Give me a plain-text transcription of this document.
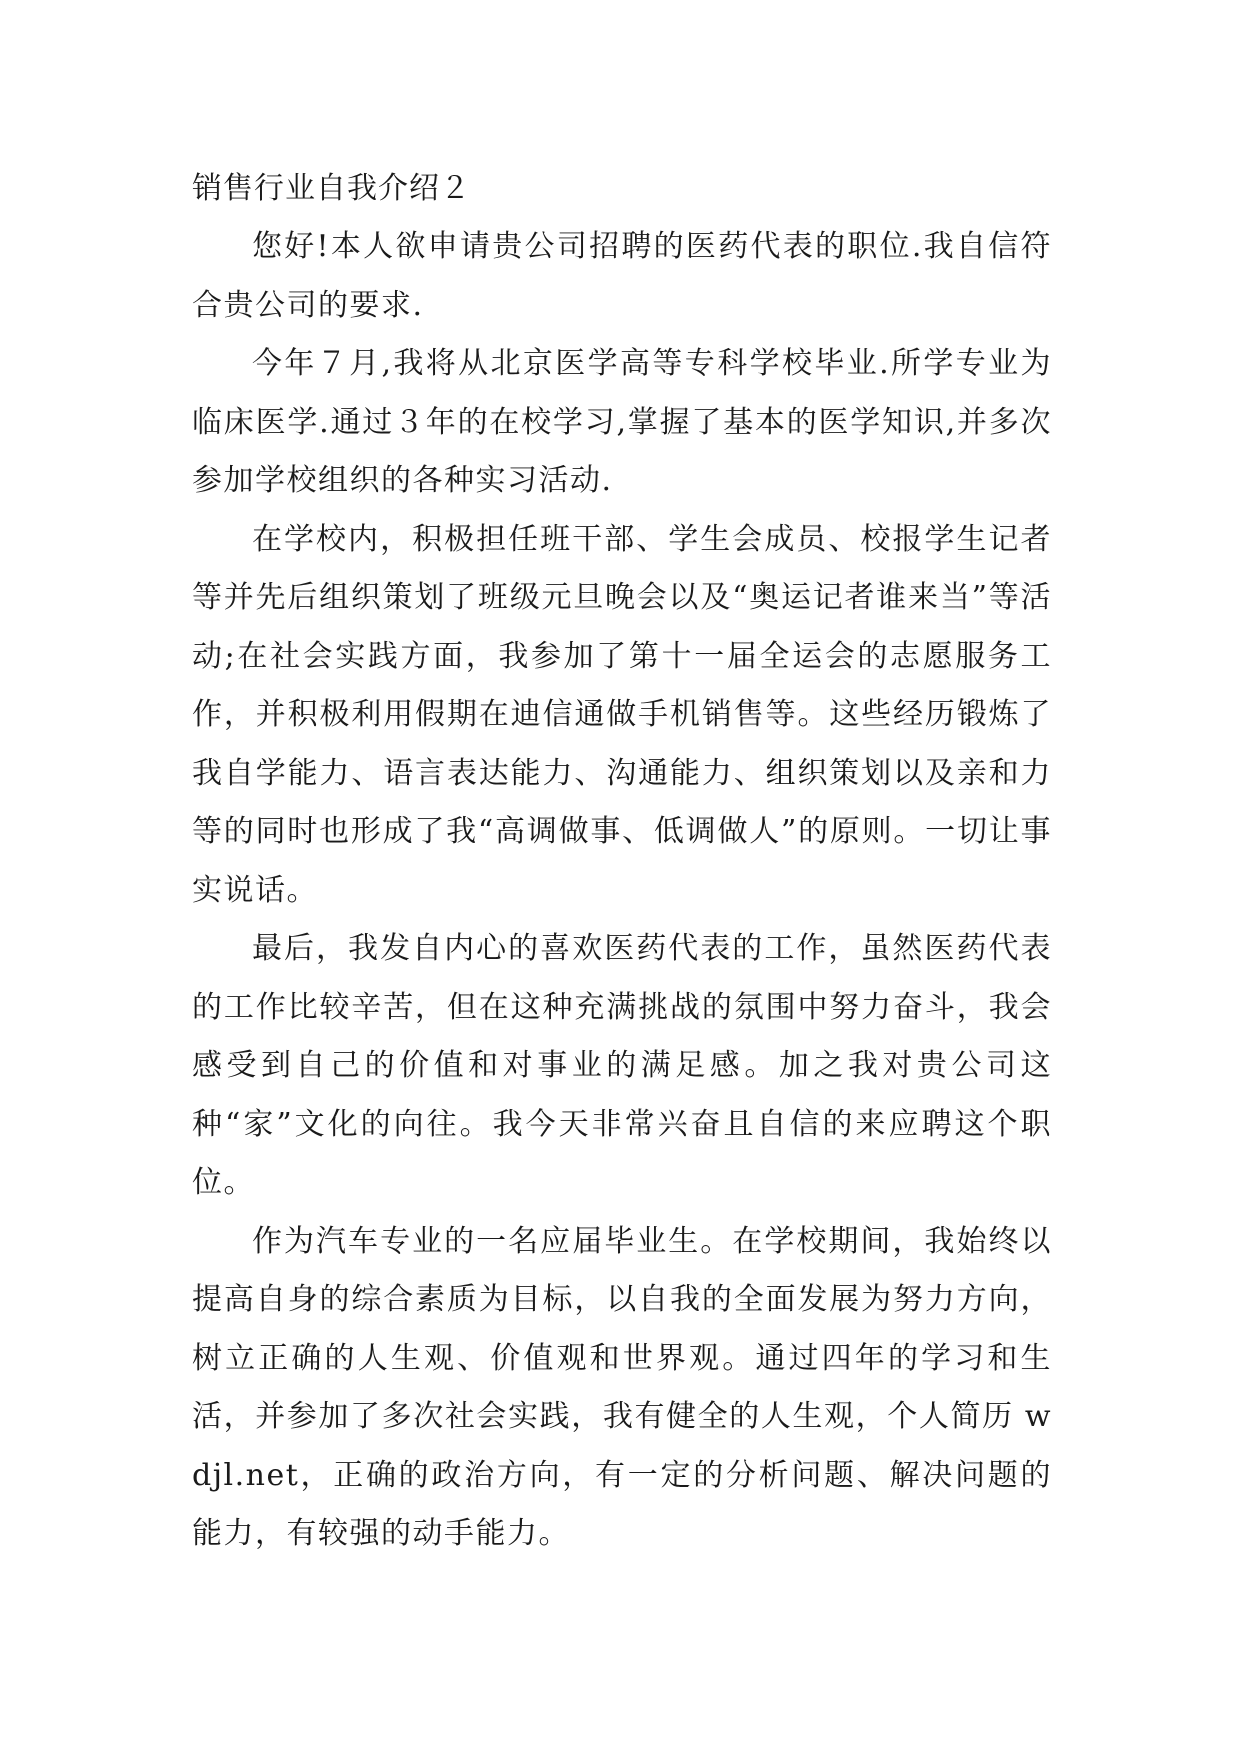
销售行业自我介绍２

您好!本人欲申请贵公司招聘的医药代表的职位.我自信符合贵公司的要求.

今年７月,我将从北京医学高等专科学校毕业.所学专业为临床医学.通过３年的在校学习,掌握了基本的医学知识,并多次参加学校组织的各种实习活动.

在学校内，积极担任班干部、学生会成员、校报学生记者等并先后组织策划了班级元旦晚会以及“奥运记者谁来当”等活动;在社会实践方面，我参加了第十一届全运会的志愿服务工作，并积极利用假期在迪信通做手机销售等。这些经历锻炼了我自学能力、语言表达能力、沟通能力、组织策划以及亲和力等的同时也形成了我“高调做事、低调做人”的原则。一切让事实说话。

最后，我发自内心的喜欢医药代表的工作，虽然医药代表的工作比较辛苦，但在这种充满挑战的氛围中努力奋斗，我会感受到自己的价值和对事业的满足感。加之我对贵公司这种“家”文化的向往。我今天非常兴奋且自信的来应聘这个职位。

作为汽车专业的一名应届毕业生。在学校期间，我始终以提高自身的综合素质为目标，以自我的全面发展为努力方向，树立正确的人生观、价值观和世界观。通过四年的学习和生活，并参加了多次社会实践，我有健全的人生观，个人简历 wdjl.net，正确的政治方向，有一定的分析问题、解决问题的能力，有较强的动手能力。
